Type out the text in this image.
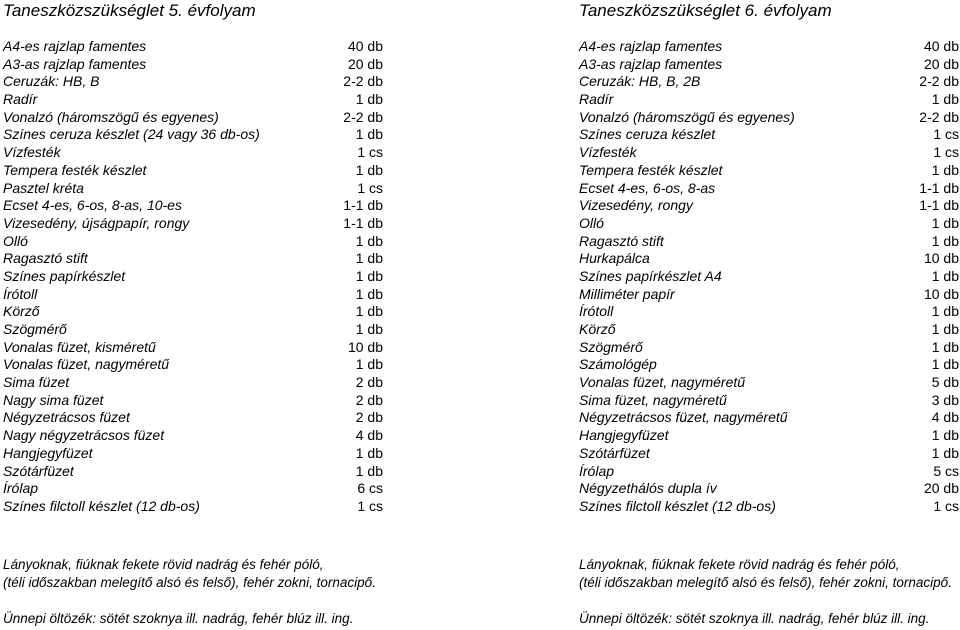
Taneszközszükséglet 5. évfolyam
A4-es rajzlap famentes	40 db
A3-as rajzlap famentes	20 db
Ceruzák: HB, B	2-2 db
Radír	1 db
Vonalzó (háromszögű és egyenes)	2-2 db
Színes ceruza készlet (24 vagy 36 db-os)	1 db
Vízfesték	1 cs
Tempera festék készlet	1 db
Pasztel kréta	1 cs
Ecset 4-es, 6-os, 8-as, 10-es	1-1 db
Vizesedény, újságpapír, rongy	1-1 db
Olló	1 db
Ragasztó stift	1 db
Színes papírkészlet	1 db
Írótoll	1 db
Körző	1 db
Szögmérő	1 db
Vonalas füzet, kisméretű	10 db
Vonalas füzet, nagyméretű	1 db
Sima füzet	2 db
Nagy sima füzet	2 db
Négyzetrácsos füzet	2 db
Nagy négyzetrácsos füzet	4 db
Hangjegyfüzet	1 db
Szótárfüzet	1 db
Írólap	6 cs
Színes filctoll készlet (12 db-os)	1 cs
Lányoknak, fiúknak fekete rövid nadrág és fehér póló,
(téli időszakban melegítő alsó és felső), fehér zokni, tornacipő.
Ünnepi öltözék: sötét szoknya ill. nadrág, fehér blúz ill. ing.
Taneszközszükséglet 6. évfolyam
A4-es rajzlap famentes	40 db
A3-as rajzlap famentes	20 db
Ceruzák: HB, B, 2B	2-2 db
Radír	1 db
Vonalzó (háromszögű és egyenes)	2-2 db
Színes ceruza készlet	1 cs
Vízfesték	1 cs
Tempera festék készlet	1 db
Ecset 4-es, 6-os, 8-as	1-1 db
Vizesedény, rongy	1-1 db
Olló	1 db
Ragasztó stift	1 db
Hurkapálca	10 db
Színes papírkészlet A4	1 db
Milliméter papír	10 db
Írótoll	1 db
Körző	1 db
Szögmérő	1 db
Számológép	1 db
Vonalas füzet, nagyméretű	5 db
Sima füzet, nagyméretű	3 db
Négyzetrácsos füzet, nagyméretű	4 db
Hangjegyfüzet	1 db
Szótárfüzet	1 db
Írólap	5 cs
Négyzethálós dupla ív	20 db
Színes filctoll készlet (12 db-os)	1 cs
Lányoknak, fiúknak fekete rövid nadrág és fehér póló,
(téli időszakban melegítő alsó és felső), fehér zokni, tornacipő.
Ünnepi öltözék: sötét szoknya ill. nadrág, fehér blúz ill. ing.
